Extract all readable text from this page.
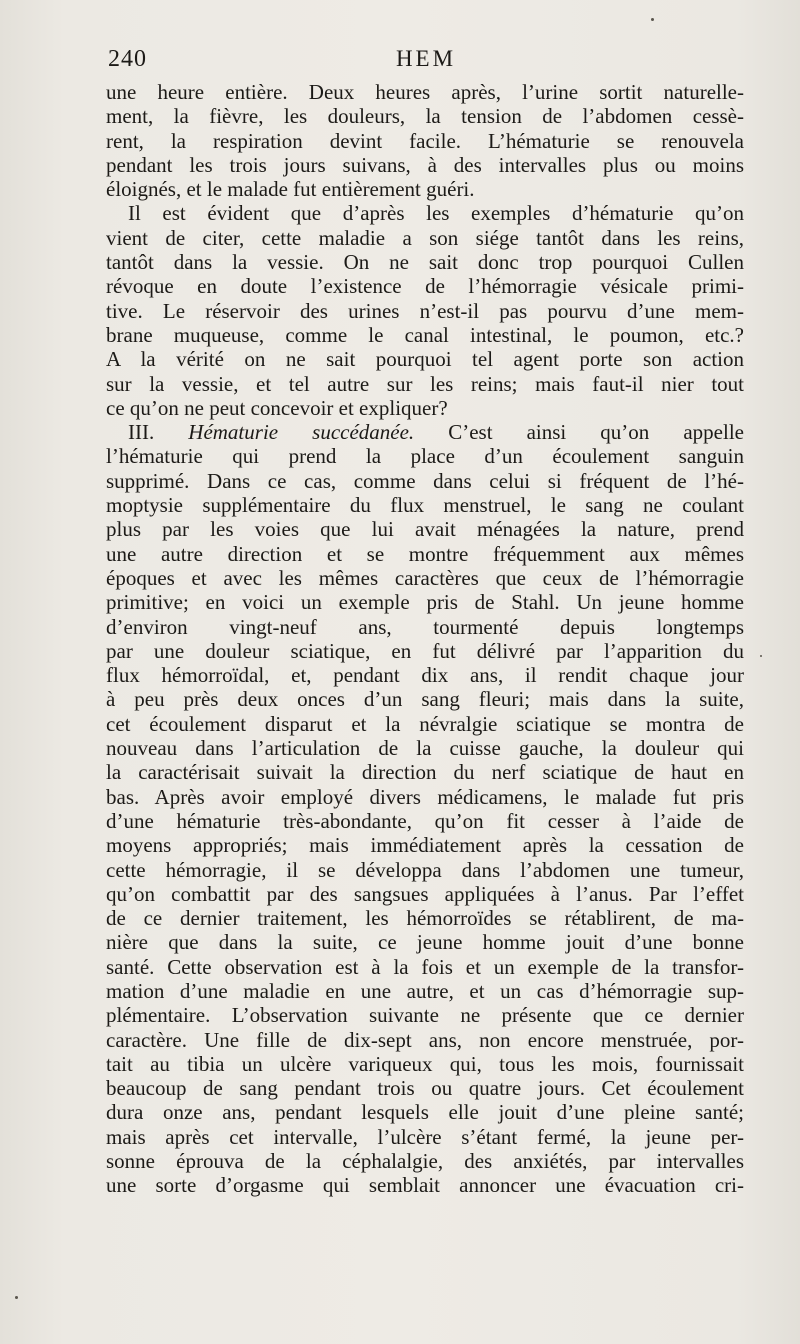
240	HEM
une heure entière. Deux heures après, l’urine sortit naturelle-
ment, la fièvre, les douleurs, la tension de l’abdomen cessè-
rent, la respiration devint facile. L’hématurie se renouvela
pendant les trois jours suivans, à des intervalles plus ou moins
éloignés, et le malade fut entièrement guéri.
Il est évident que d’après les exemples d’hématurie qu’on
vient de citer, cette maladie a son siége tantôt dans les reins,
tantôt dans la vessie. On ne sait donc trop pourquoi Cullen
révoque en doute l’existence de l’hémorragie vésicale primi-
tive. Le réservoir des urines n’est-il pas pourvu d’une mem-
brane muqueuse, comme le canal intestinal, le poumon, etc.?
A la vérité on ne sait pourquoi tel agent porte son action
sur la vessie, et tel autre sur les reins; mais faut-il nier tout
ce qu’on ne peut concevoir et expliquer?
III. Hématurie succédanée. C’est ainsi qu’on appelle
l’hématurie qui prend la place d’un écoulement sanguin
supprimé. Dans ce cas, comme dans celui si fréquent de l’hé-
moptysie supplémentaire du flux menstruel, le sang ne coulant
plus par les voies que lui avait ménagées la nature, prend
une autre direction et se montre fréquemment aux mêmes
époques et avec les mêmes caractères que ceux de l’hémorragie
primitive; en voici un exemple pris de Stahl. Un jeune homme
d’environ vingt-neuf ans, tourmenté depuis longtemps
par une douleur sciatique, en fut délivré par l’apparition du
flux hémorroïdal, et, pendant dix ans, il rendit chaque jour
à peu près deux onces d’un sang fleuri; mais dans la suite,
cet écoulement disparut et la névralgie sciatique se montra de
nouveau dans l’articulation de la cuisse gauche, la douleur qui
la caractérisait suivait la direction du nerf sciatique de haut en
bas. Après avoir employé divers médicamens, le malade fut pris
d’une hématurie très-abondante, qu’on fit cesser à l’aide de
moyens appropriés; mais immédiatement après la cessation de
cette hémorragie, il se développa dans l’abdomen une tumeur,
qu’on combattit par des sangsues appliquées à l’anus. Par l’effet
de ce dernier traitement, les hémorroïdes se rétablirent, de ma-
nière que dans la suite, ce jeune homme jouit d’une bonne
santé. Cette observation est à la fois et un exemple de la transfor-
mation d’une maladie en une autre, et un cas d’hémorragie sup-
plémentaire. L’observation suivante ne présente que ce dernier
caractère. Une fille de dix-sept ans, non encore menstruée, por-
tait au tibia un ulcère variqueux qui, tous les mois, fournissait
beaucoup de sang pendant trois ou quatre jours. Cet écoulement
dura onze ans, pendant lesquels elle jouit d’une pleine santé;
mais après cet intervalle, l’ulcère s’étant fermé, la jeune per-
sonne éprouva de la céphalalgie, des anxiétés, par intervalles
une sorte d’orgasme qui semblait annoncer une évacuation cri-
